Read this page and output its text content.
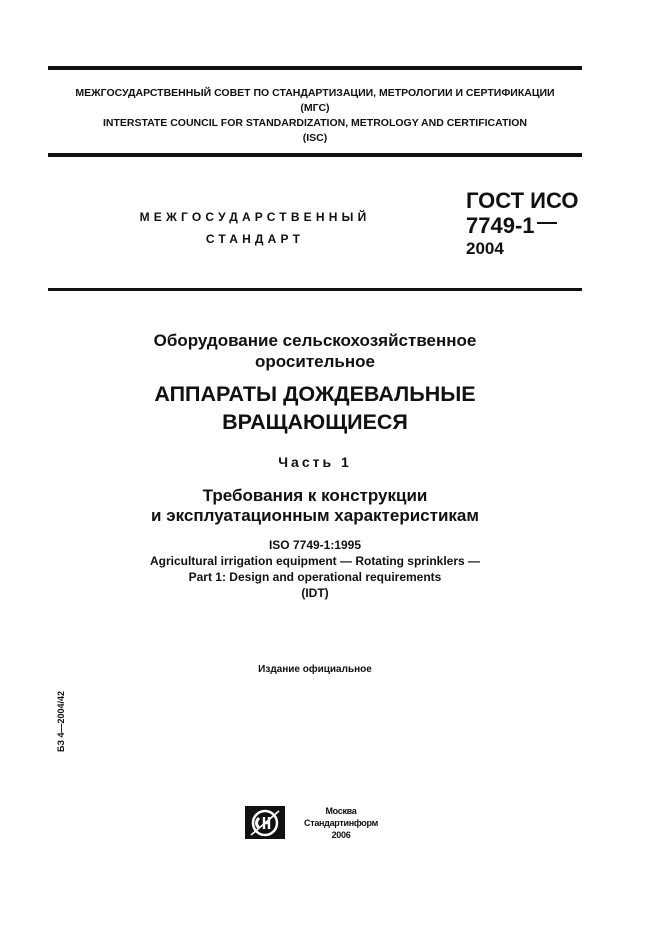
МЕЖГОСУДАРСТВЕННЫЙ СОВЕТ ПО СТАНДАРТИЗАЦИИ, МЕТРОЛОГИИ И СЕРТИФИКАЦИИ
(МГС)
INTERSTATE COUNCIL FOR STANDARDIZATION, METROLOGY AND CERTIFICATION
(ISC)
МЕЖГОСУДАРСТВЕННЫЙ
СТАНДАРТ
ГОСТ ИСО
7749-1
2004
Оборудование сельскохозяйственное
оросительное
АППАРАТЫ ДОЖДЕВАЛЬНЫЕ
ВРАЩАЮЩИЕСЯ
Часть 1
Требования к конструкции
и эксплуатационным характеристикам
ISO 7749-1:1995
Agricultural irrigation equipment — Rotating sprinklers —
Part 1: Design and operational requirements
(IDT)
Издание официальное
БЗ 4—2004/42
Москва
Стандартинформ
2006
